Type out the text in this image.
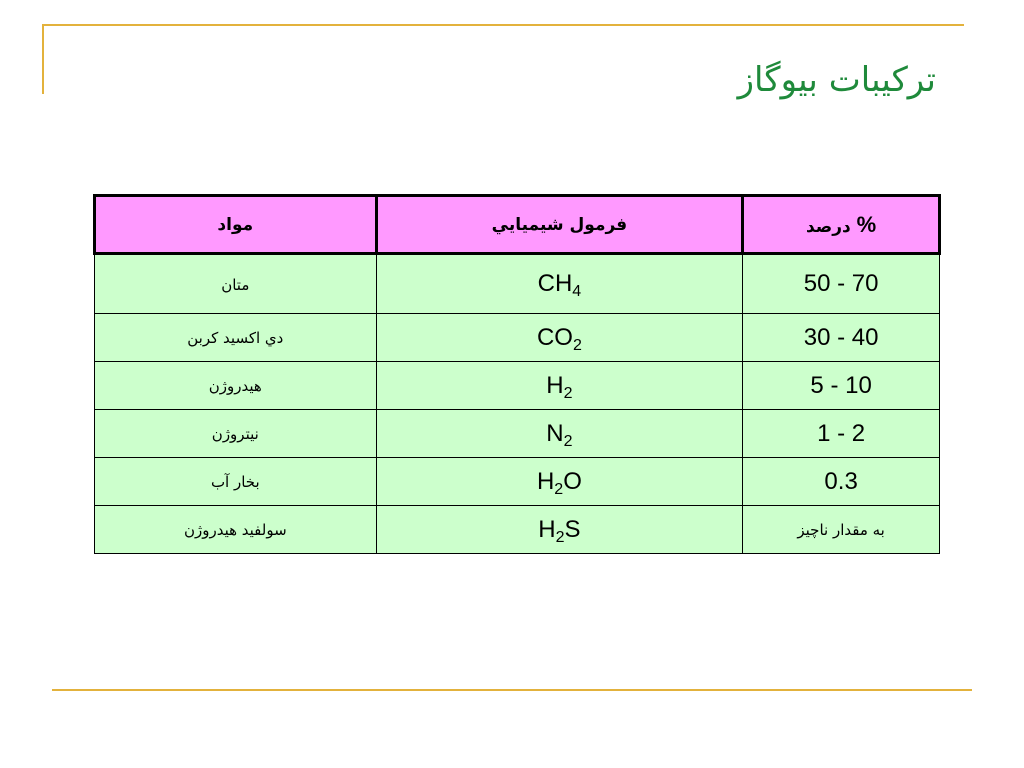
تركيبات بيوگاز
% درصد	فرمول شيميايي	مواد
50 - 70	$CH_4$	متان
30 - 40	$CO_2$	دي اكسيد كربن
5 - 10	$H_2$	هيدروژن
1 - 2	$N_2$	نيتروژن
0.3	$H_2O$	بخار آب
به مقدار ناچيز	$H_2S$	سولفيد هيدروژن
